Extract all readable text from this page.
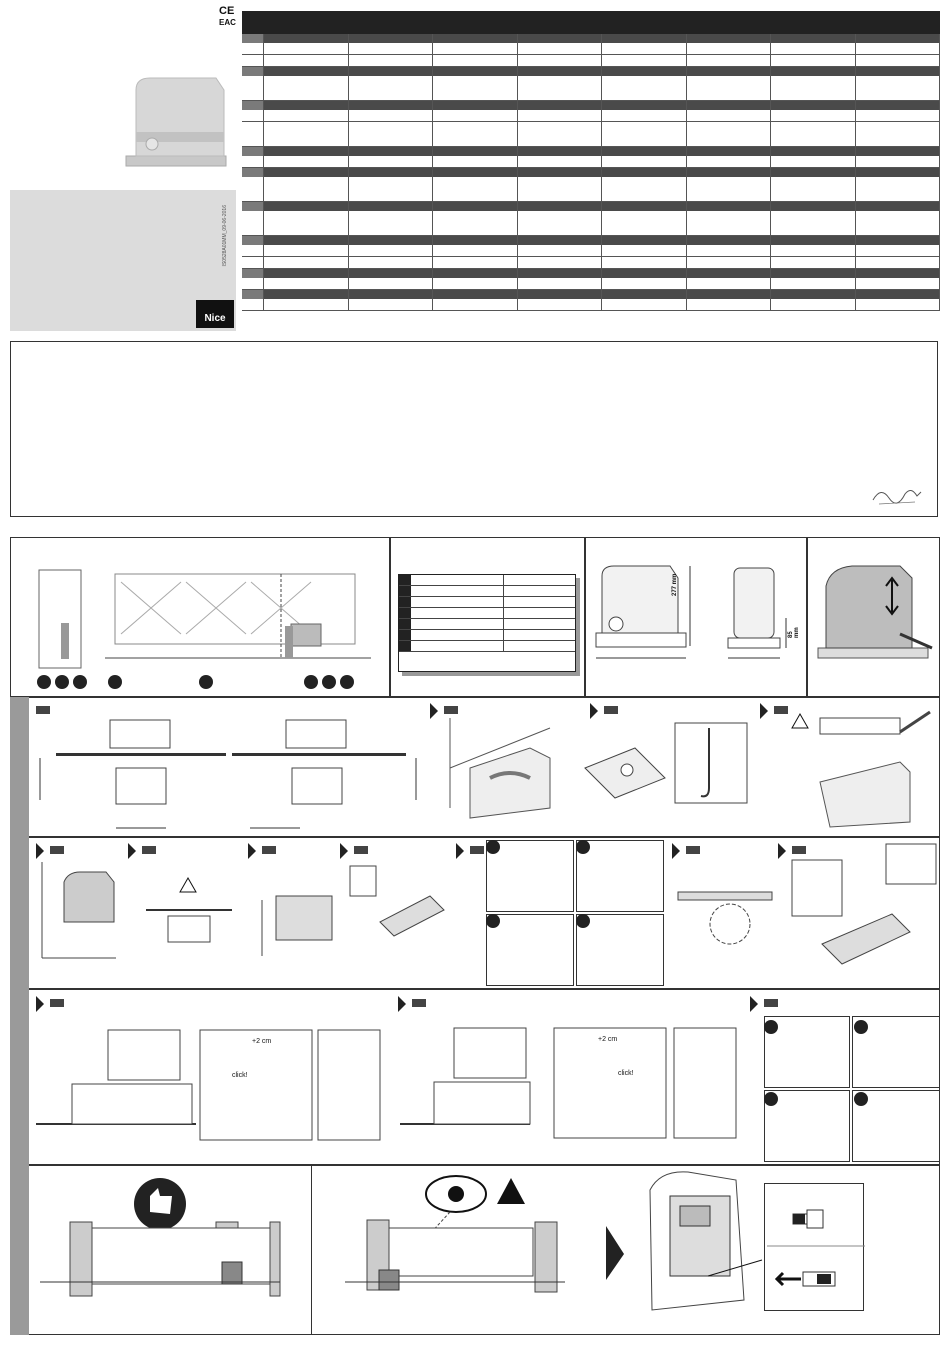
CE
EAC
IS0528A01MM_09-06-2016
Nice
277 mm
85 mm
click!
+2 cm	+2 cm
click!
